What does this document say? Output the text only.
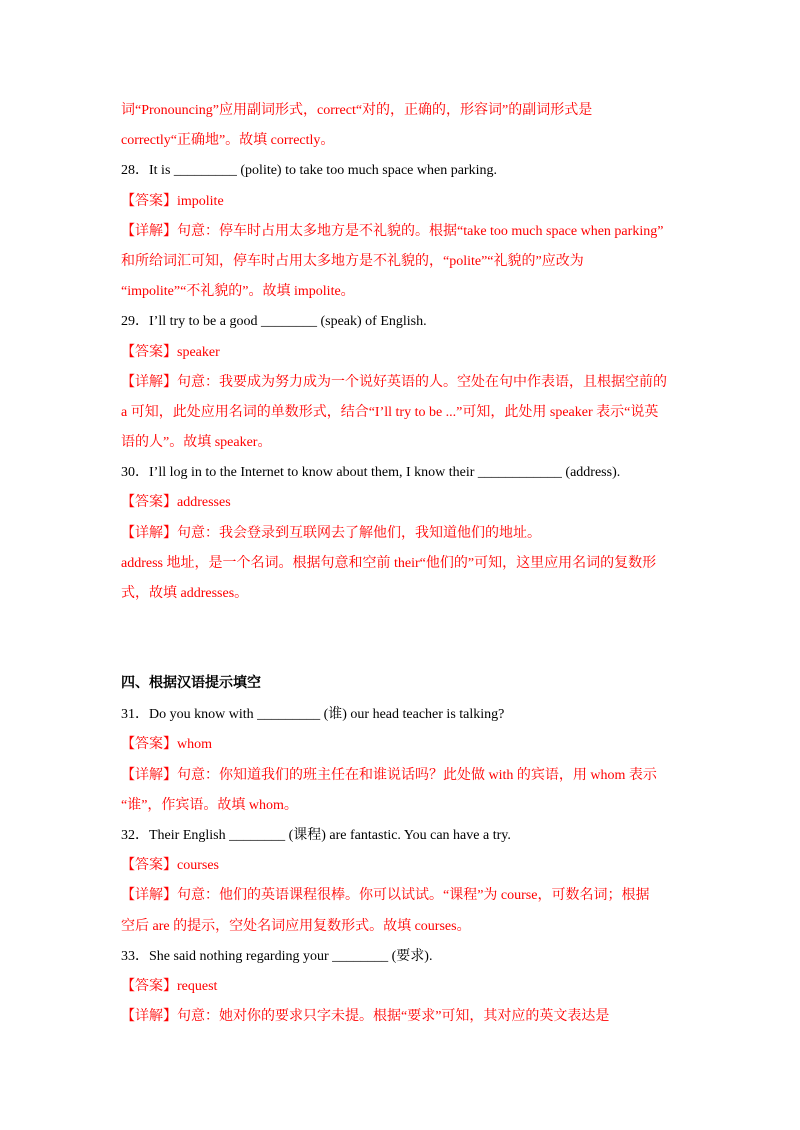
词“Pronouncing”应用副词形式，correct“对的，正确的，形容词”的副词形式是
correctly“正确地”。故填 correctly。
28．It is _________ (polite) to take too much space when parking.
【答案】impolite
【详解】句意：停车时占用太多地方是不礼貌的。根据“take too much space when parking”
和所给词汇可知，停车时占用太多地方是不礼貌的，“polite”“礼貌的”应改为
“impolite”“不礼貌的”。故填 impolite。
29．I’ll try to be a good ________ (speak) of English.
【答案】speaker
【详解】句意：我要成为努力成为一个说好英语的人。空处在句中作表语，且根据空前的
a 可知，此处应用名词的单数形式，结合“I’ll try to be ...”可知，此处用 speaker 表示“说英
语的人”。故填 speaker。
30．I’ll log in to the Internet to know about them, I know their ____________ (address).
【答案】addresses
【详解】句意：我会登录到互联网去了解他们，我知道他们的地址。
address 地址，是一个名词。根据句意和空前 their“他们的”可知，这里应用名词的复数形
式，故填 addresses。
四、根据汉语提示填空
31．Do you know with _________ (谁) our head teacher is talking?
【答案】whom
【详解】句意：你知道我们的班主任在和谁说话吗？此处做 with 的宾语，用 whom 表示
“谁”，作宾语。故填 whom。
32．Their English ________ (课程) are fantastic. You can have a try.
【答案】courses
【详解】句意：他们的英语课程很棒。你可以试试。“课程”为 course，可数名词；根据
空后 are 的提示，空处名词应用复数形式。故填 courses。
33．She said nothing regarding your ________ (要求).
【答案】request
【详解】句意：她对你的要求只字未提。根据“要求”可知，其对应的英文表达是
